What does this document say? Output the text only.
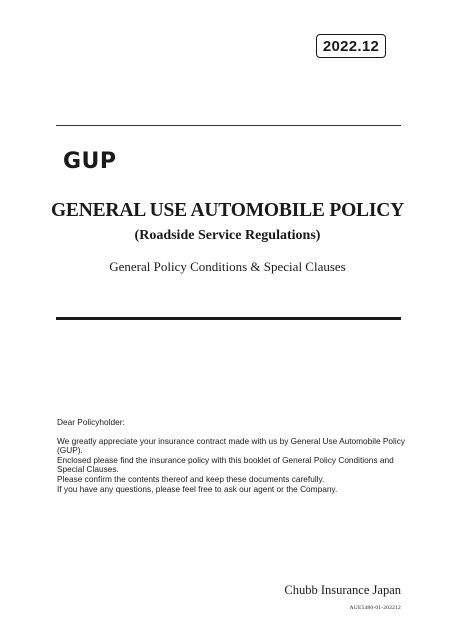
2022.12
GUP
GENERAL USE AUTOMOBILE POLICY
(Roadside Service Regulations)
General Policy Conditions & Special Clauses

Dear Policyholder:

We greatly appreciate your insurance contract made with us by General Use Automobile Policy (GUP).

Enclosed please find the insurance policy with this booklet of General Policy Conditions and Special Clauses.

Please confirm the contents thereof and keep these documents carefully.

If you have any questions, please feel free to ask our agent or the Company.

Chubb Insurance Japan
AUE5480-01-202212
